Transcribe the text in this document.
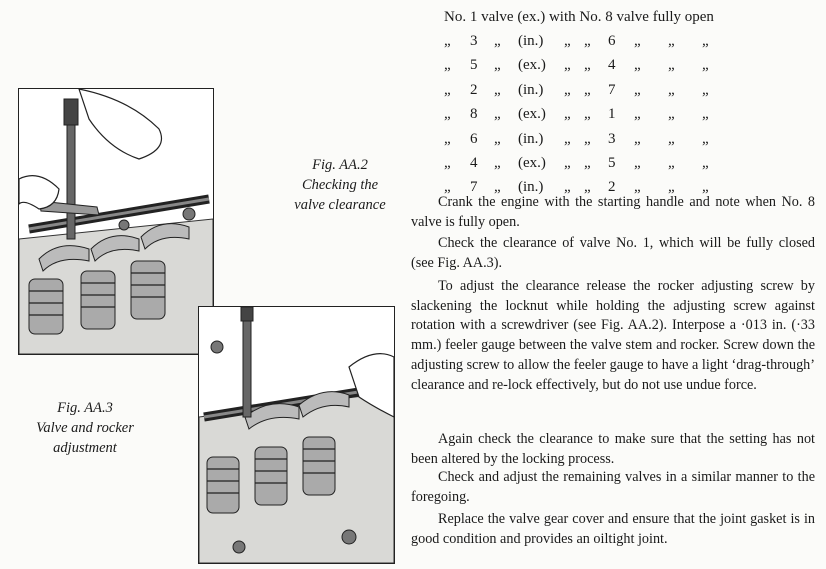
Fig. AA.2
Checking the
valve clearance
Fig. AA.3
Valve and rocker
adjustment
No. 1 valve (ex.) with No. 8 valve fully open									
„	3	„	(in.)	„	„	6	„	„	„
„	5	„	(ex.)	„	„	4	„	„	„
„	2	„	(in.)	„	„	7	„	„	„
„	8	„	(ex.)	„	„	1	„	„	„
„	6	„	(in.)	„	„	3	„	„	„
„	4	„	(ex.)	„	„	5	„	„	„
„	7	„	(in.)	„	„	2	„	„	„

Crank the engine with the starting handle and note when No. 8 valve is fully open.

Check the clearance of valve No. 1, which will be fully closed (see Fig. AA.3).

To adjust the clearance release the rocker adjusting screw by slackening the locknut while holding the adjusting screw against rotation with a screwdriver (see Fig. AA.2). Interpose a ·013 in. (·33 mm.) feeler gauge between the valve stem and rocker. Screw down the adjusting screw to allow the feeler gauge to have a light ‘drag-through’ clearance and re-lock effectively, but do not use undue force.

Again check the clearance to make sure that the setting has not been altered by the locking process.

Check and adjust the remaining valves in a similar manner to the foregoing.

Replace the valve gear cover and ensure that the joint gasket is in good condition and provides an oiltight joint.
